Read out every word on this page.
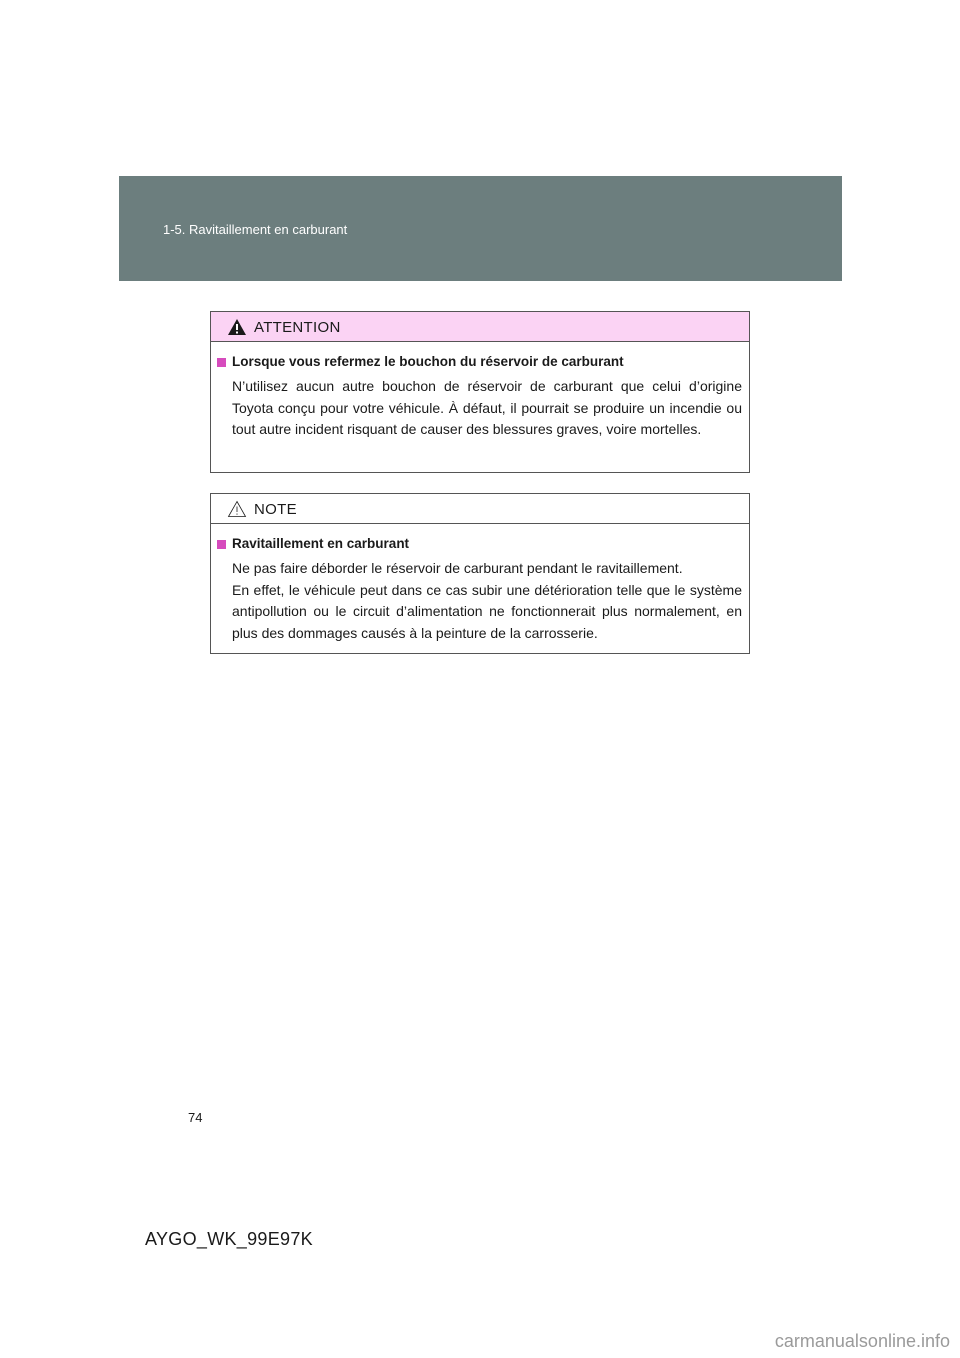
1-5. Ravitaillement en carburant
ATTENTION
Lorsque vous refermez le bouchon du réservoir de carburant

N’utilisez aucun autre bouchon de réservoir de carburant que celui d’origine Toyota conçu pour votre véhicule. À défaut, il pourrait se produire un incendie ou tout autre incident risquant de causer des blessures graves, voire mortelles.

NOTE
Ravitaillement en carburant

Ne pas faire déborder le réservoir de carburant pendant le ravitaillement.

En effet, le véhicule peut dans ce cas subir une détérioration telle que le système antipollution ou le circuit d’alimentation ne fonctionnerait plus normalement, en plus des dommages causés à la peinture de la carrosserie.

74
AYGO_WK_99E97K
carmanualsonline.info
